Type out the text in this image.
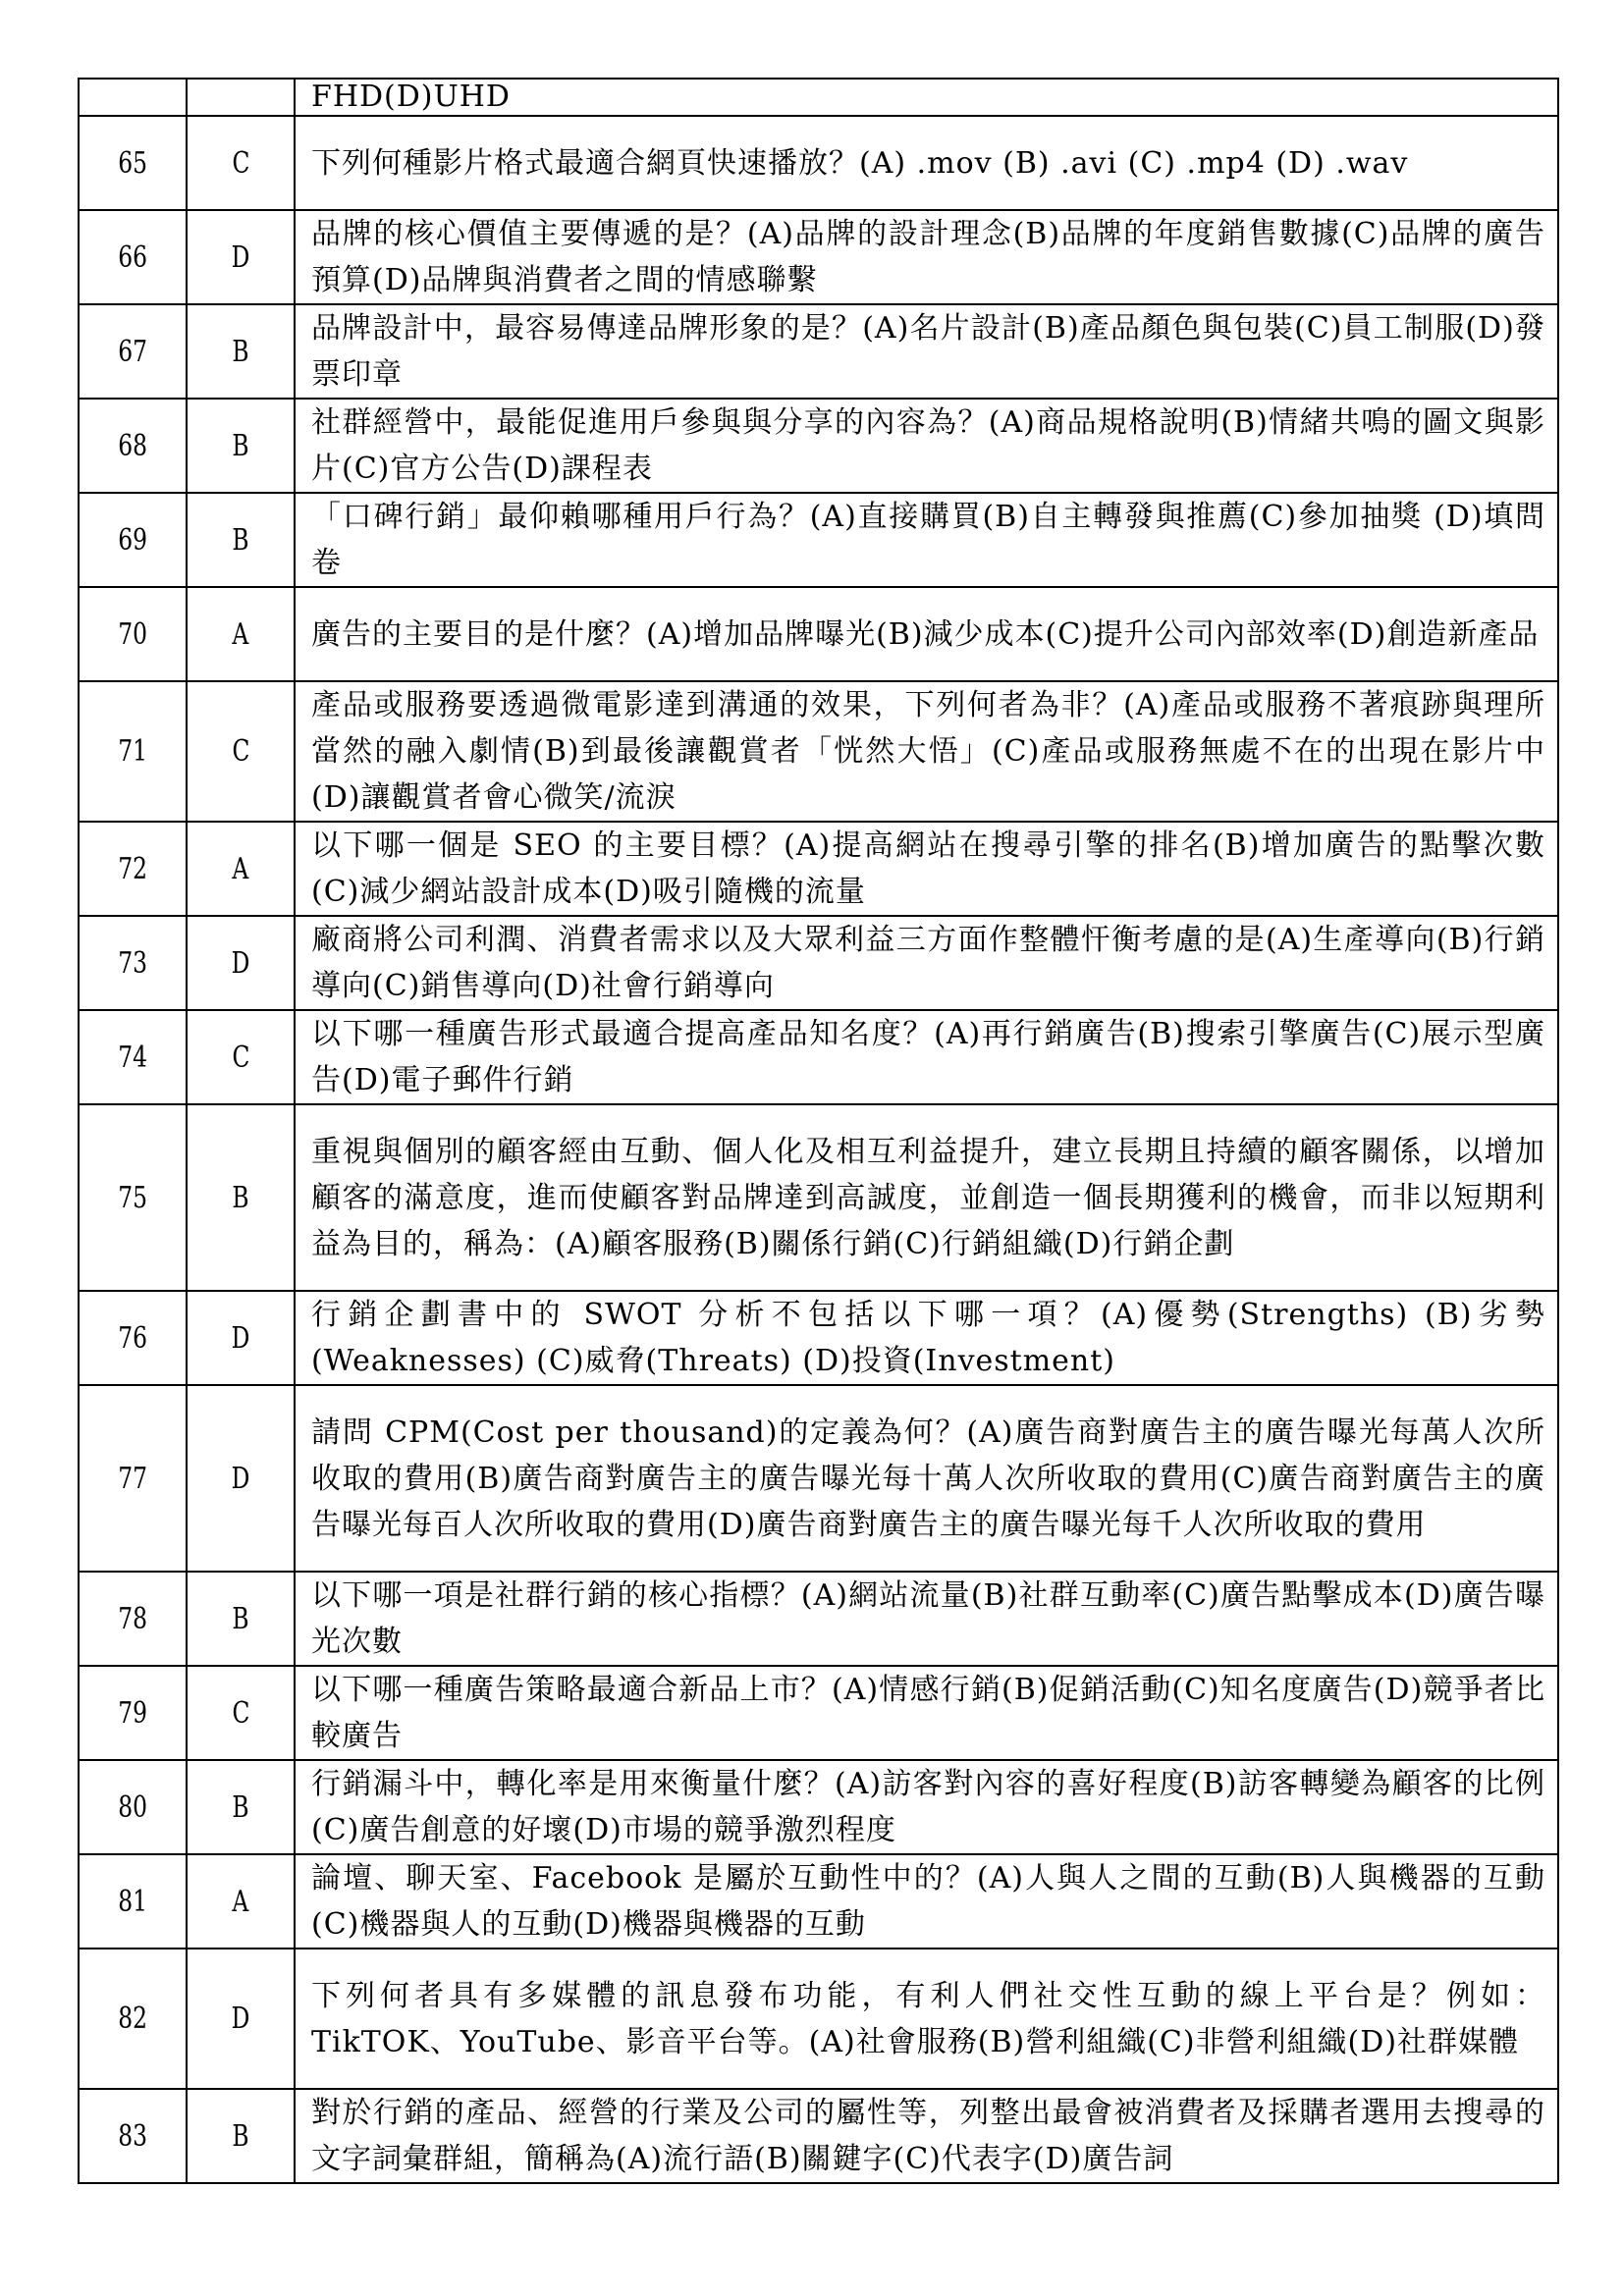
		FHD(D)UHD
65	C	下列何種影片格式最適合網頁快速播放？(A) .mov (B) .avi (C) .mp4 (D) .wav
66	D	品牌的核心價值主要傳遞的是？(A)品牌的設計理念(B)品牌的年度銷售數據(C)品牌的廣告預算(D)品牌與消費者之間的情感聯繫
67	B	品牌設計中，最容易傳達品牌形象的是？(A)名片設計(B)產品顏色與包裝(C)員工制服(D)發票印章
68	B	社群經營中，最能促進用戶參與與分享的內容為？(A)商品規格說明(B)情緒共鳴的圖文與影片(C)官方公告(D)課程表
69	B	「口碑行銷」最仰賴哪種用戶行為？(A)直接購買(B)自主轉發與推薦(C)參加抽獎 (D)填問卷
70	A	廣告的主要目的是什麼？(A)增加品牌曝光(B)減少成本(C)提升公司內部效率(D)創造新產品
71	C	產品或服務要透過微電影達到溝通的效果，下列何者為非？(A)產品或服務不著痕跡與理所當然的融入劇情(B)到最後讓觀賞者「恍然大悟」(C)產品或服務無處不在的出現在影片中(D)讓觀賞者會心微笑/流淚
72	A	以下哪一個是 SEO 的主要目標？(A)提高網站在搜尋引擎的排名(B)增加廣告的點擊次數(C)減少網站設計成本(D)吸引隨機的流量
73	D	廠商將公司利潤、消費者需求以及大眾利益三方面作整體忓衡考慮的是(A)生產導向(B)行銷導向(C)銷售導向(D)社會行銷導向
74	C	以下哪一種廣告形式最適合提高產品知名度？(A)再行銷廣告(B)搜索引擎廣告(C)展示型廣告(D)電子郵件行銷
75	B	重視與個別的顧客經由互動、個人化及相互利益提升，建立長期且持續的顧客關係，以增加顧客的滿意度，進而使顧客對品牌達到高誠度，並創造一個長期獲利的機會，而非以短期利益為目的，稱為：(A)顧客服務(B)關係行銷(C)行銷組織(D)行銷企劃
76	D	行銷企劃書中的 SWOT 分析不包括以下哪一項？(A)優勢(Strengths) (B)劣勢(Weaknesses) (C)威脅(Threats) (D)投資(Investment)
77	D	請問 CPM(Cost per thousand)的定義為何？(A)廣告商對廣告主的廣告曝光每萬人次所收取的費用(B)廣告商對廣告主的廣告曝光每十萬人次所收取的費用(C)廣告商對廣告主的廣告曝光每百人次所收取的費用(D)廣告商對廣告主的廣告曝光每千人次所收取的費用
78	B	以下哪一項是社群行銷的核心指標？(A)網站流量(B)社群互動率(C)廣告點擊成本(D)廣告曝光次數
79	C	以下哪一種廣告策略最適合新品上市？(A)情感行銷(B)促銷活動(C)知名度廣告(D)競爭者比較廣告
80	B	行銷漏斗中，轉化率是用來衡量什麼？(A)訪客對內容的喜好程度(B)訪客轉變為顧客的比例(C)廣告創意的好壞(D)市場的競爭激烈程度
81	A	論壇、聊天室、Facebook 是屬於互動性中的？(A)人與人之間的互動(B)人與機器的互動(C)機器與人的互動(D)機器與機器的互動
82	D	下列何者具有多媒體的訊息發布功能，有利人們社交性互動的線上平台是？例如：TikTOK、YouTube、影音平台等。(A)社會服務(B)營利組織(C)非營利組織(D)社群媒體
83	B	對於行銷的產品、經營的行業及公司的屬性等，列整出最會被消費者及採購者選用去搜尋的文字詞彙群組，簡稱為(A)流行語(B)關鍵字(C)代表字(D)廣告詞
